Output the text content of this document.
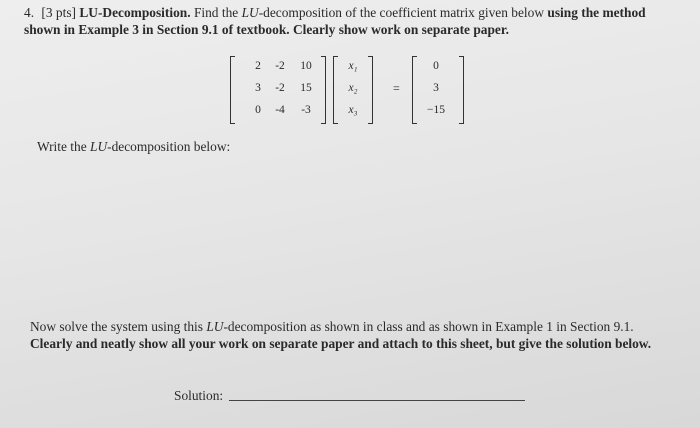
4. [3 pts] LU-Decomposition. Find the LU-decomposition of the coefficient matrix given below using the method shown in Example 3 in Section 9.1 of textbook. Clearly show work on separate paper.
2	-2	10
3	-2	15
0	-4	-3
x₁
x₂
x₃
=
0
3
−15
Write the LU-decomposition below:
Now solve the system using this LU-decomposition as shown in class and as shown in Example 1 in Section 9.1. Clearly and neatly show all your work on separate paper and attach to this sheet, but give the solution below.
Solution:
